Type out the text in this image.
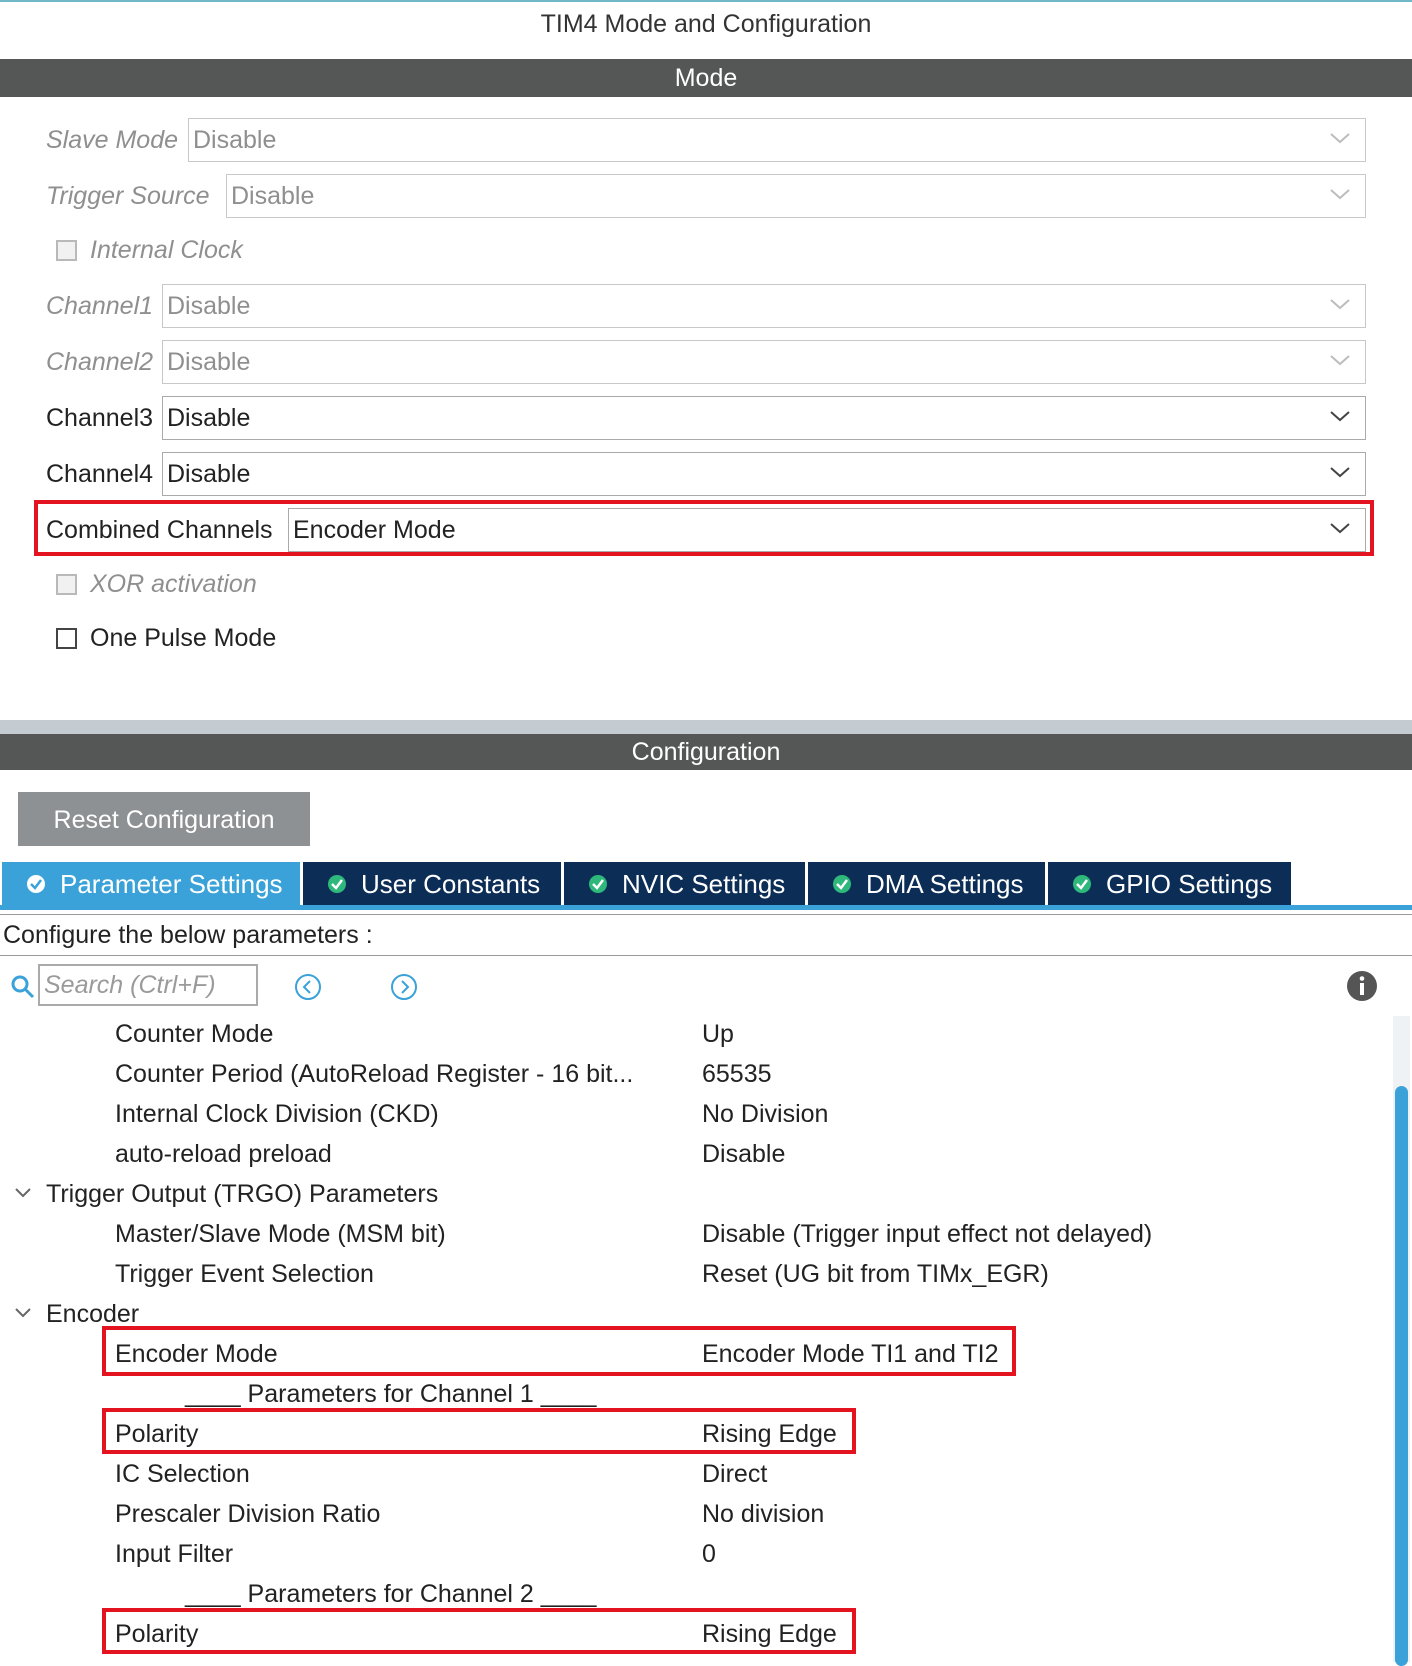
TIM4 Mode and Configuration
Mode
Slave Mode Disable
Trigger Source Disable
Internal Clock
Channel1 Disable
Channel2 Disable
Channel3 Disable
Channel4 Disable
Combined Channels Encoder Mode
XOR activation
One Pulse Mode
Configuration
Reset Configuration
Parameter Settings	User Constants	NVIC Settings	DMA Settings	GPIO Settings
Configure the below parameters :
Search (Ctrl+F)
Counter Mode	Up
Counter Period (AutoReload Register - 16 bit...	65535
Internal Clock Division (CKD)	No Division
auto-reload preload	Disable
Trigger Output (TRGO) Parameters
Master/Slave Mode (MSM bit)	Disable (Trigger input effect not delayed)
Trigger Event Selection	Reset (UG bit from TIMx_EGR)
Encoder
Encoder Mode	Encoder Mode TI1 and TI2
____ Parameters for Channel 1 ____
Polarity	Rising Edge
IC Selection	Direct
Prescaler Division Ratio	No division
Input Filter	0
____ Parameters for Channel 2 ____
Polarity	Rising Edge
